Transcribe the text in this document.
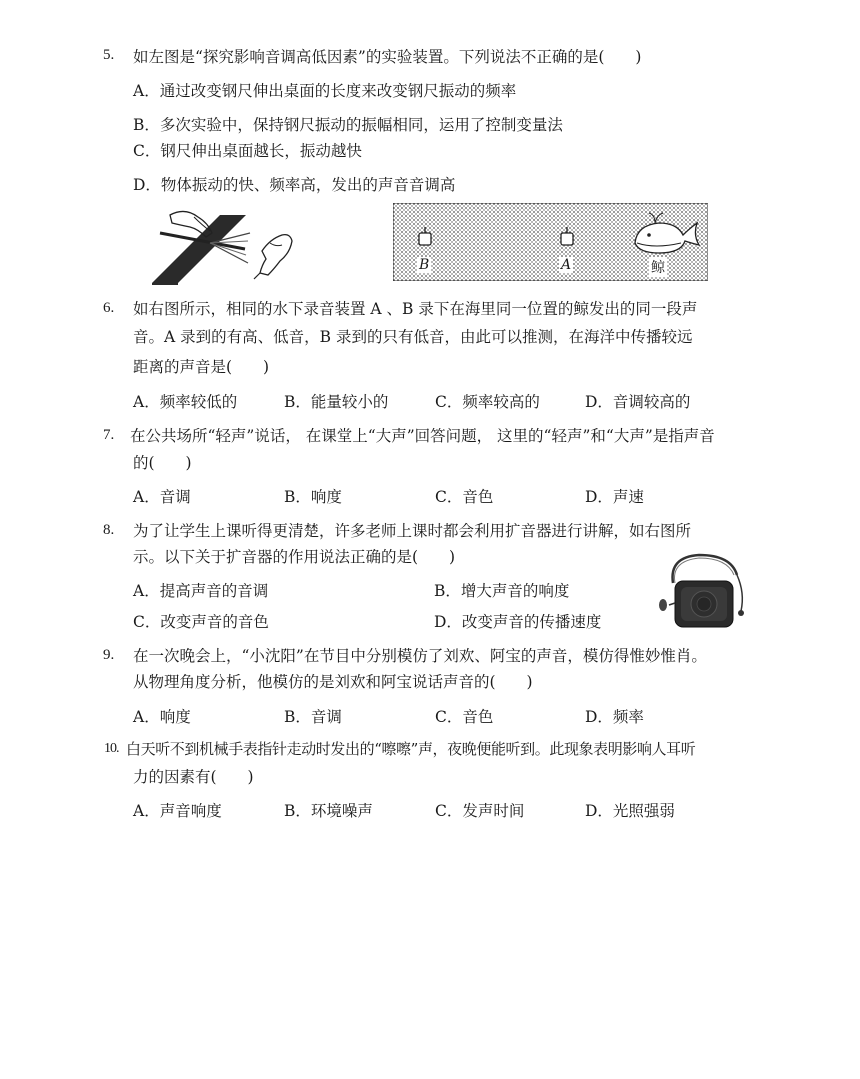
5. 如左图是“探究影响音调高低因素”的实验装置。下列说法不正确的是(　　)
A．通过改变钢尺伸出桌面的长度来改变钢尺振动的频率
B．多次实验中，保持钢尺振动的振幅相同，运用了控制变量法
C．钢尺伸出桌面越长，振动越快
D．物体振动的快、频率高，发出的声音音调高
B	A	鲸
6. 如右图所示，相同的水下录音装置 A 、B 录下在海里同一位置的鲸发出的同一段声
音。A 录到的有高、低音，B 录到的只有低音，由此可以推测，在海洋中传播较远
距离的声音是(　　)
A．频率较低的	B．能量较小的	C．频率较高的	D．音调较高的
7. 在公共场所“轻声”说话， 在课堂上“大声”回答问题， 这里的“轻声”和“大声”是指声音
的(　　)
A．音调	B．响度	C．音色	D．声速
8. 为了让学生上课听得更清楚，许多老师上课时都会利用扩音器进行讲解，如右图所
示。以下关于扩音器的作用说法正确的是(　　)
A．提高声音的音调	B．增大声音的响度
C．改变声音的音色	D．改变声音的传播速度
9. 在一次晚会上，“小沈阳”在节目中分别模仿了刘欢、阿宝的声音，模仿得惟妙惟肖。
从物理角度分析，他模仿的是刘欢和阿宝说话声音的(　　)
A．响度	B．音调	C．音色	D．频率
10. 白天听不到机械手表指针走动时发出的“嚓嚓”声，夜晚便能听到。此现象表明影响人耳听
力的因素有(　　)
A．声音响度	B．环境噪声	C．发声时间	D．光照强弱
